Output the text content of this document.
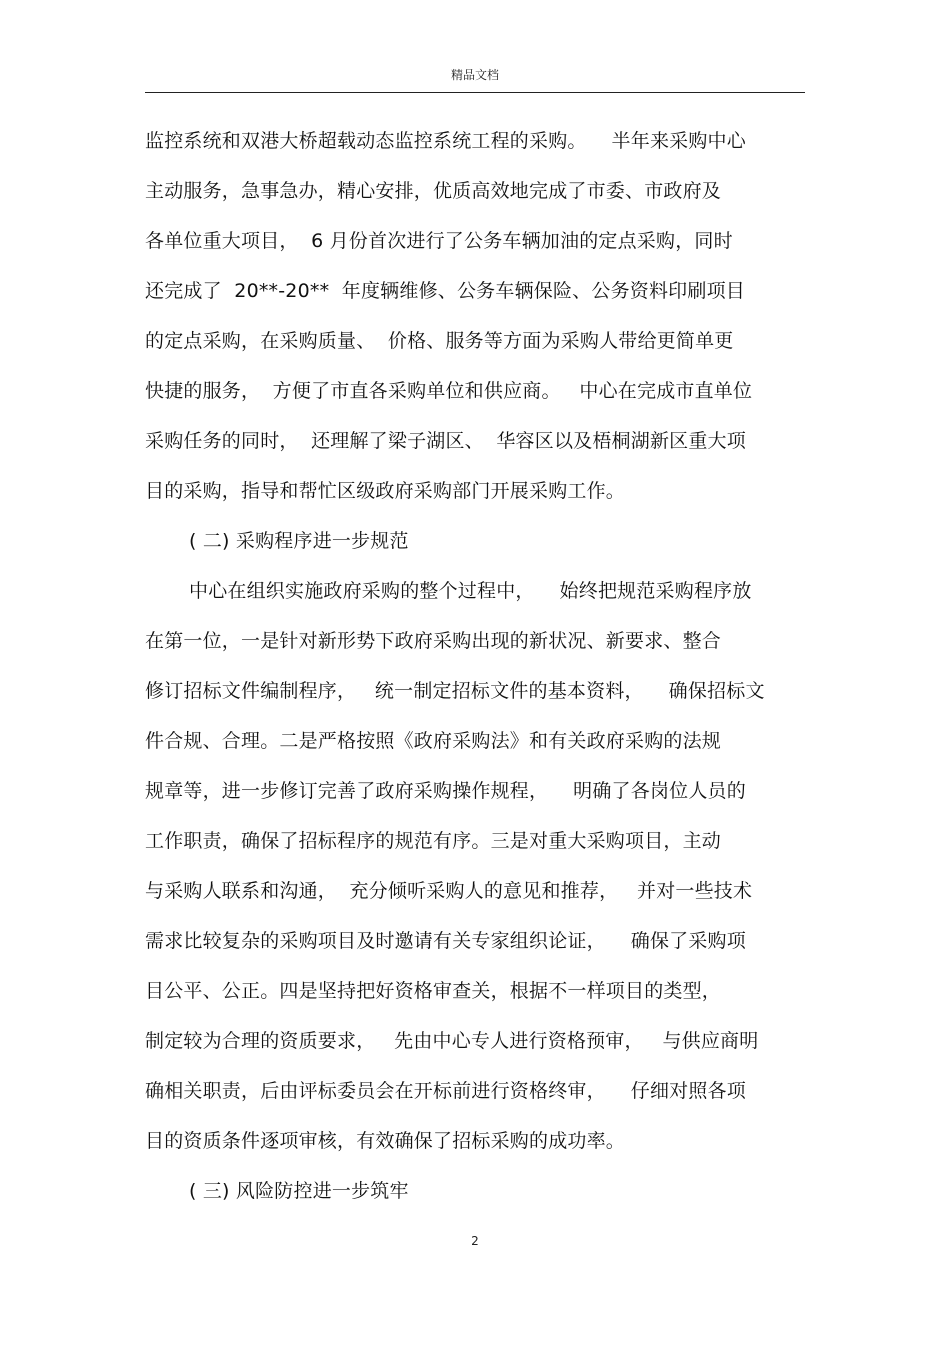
精品文档
监控系统和双港大桥超载动态监控系统工程的采购。    半年来采购中心
主动服务，急事急办，精心安排，优质高效地完成了市委、市政府及
各单位重大项目，  6 月份首次进行了公务车辆加油的定点采购，同时
还完成了  20**-20**  年度辆维修、公务车辆保险、公务资料印刷项目
的定点采购，在采购质量、  价格、服务等方面为采购人带给更简单更
快捷的服务，  方便了市直各采购单位和供应商。   中心在完成市直单位
采购任务的同时，  还理解了梁子湖区、  华容区以及梧桐湖新区重大项
目的采购，指导和帮忙区级政府采购部门开展采购工作。
( 二) 采购程序进一步规范
中心在组织实施政府采购的整个过程中，    始终把规范采购程序放
在第一位，一是针对新形势下政府采购出现的新状况、新要求、整合
修订招标文件编制程序，   统一制定招标文件的基本资料，    确保招标文
件合规、合理。二是严格按照《政府采购法》和有关政府采购的法规
规章等，进一步修订完善了政府采购操作规程，    明确了各岗位人员的
工作职责，确保了招标程序的规范有序。三是对重大采购项目，主动
与采购人联系和沟通，  充分倾听采购人的意见和推荐，   并对一些技术
需求比较复杂的采购项目及时邀请有关专家组织论证，    确保了采购项
目公平、公正。四是坚持把好资格审查关，根据不一样项目的类型，
制定较为合理的资质要求，   先由中心专人进行资格预审，   与供应商明
确相关职责，后由评标委员会在开标前进行资格终审，    仔细对照各项
目的资质条件逐项审核，有效确保了招标采购的成功率。
( 三) 风险防控进一步筑牢
2
